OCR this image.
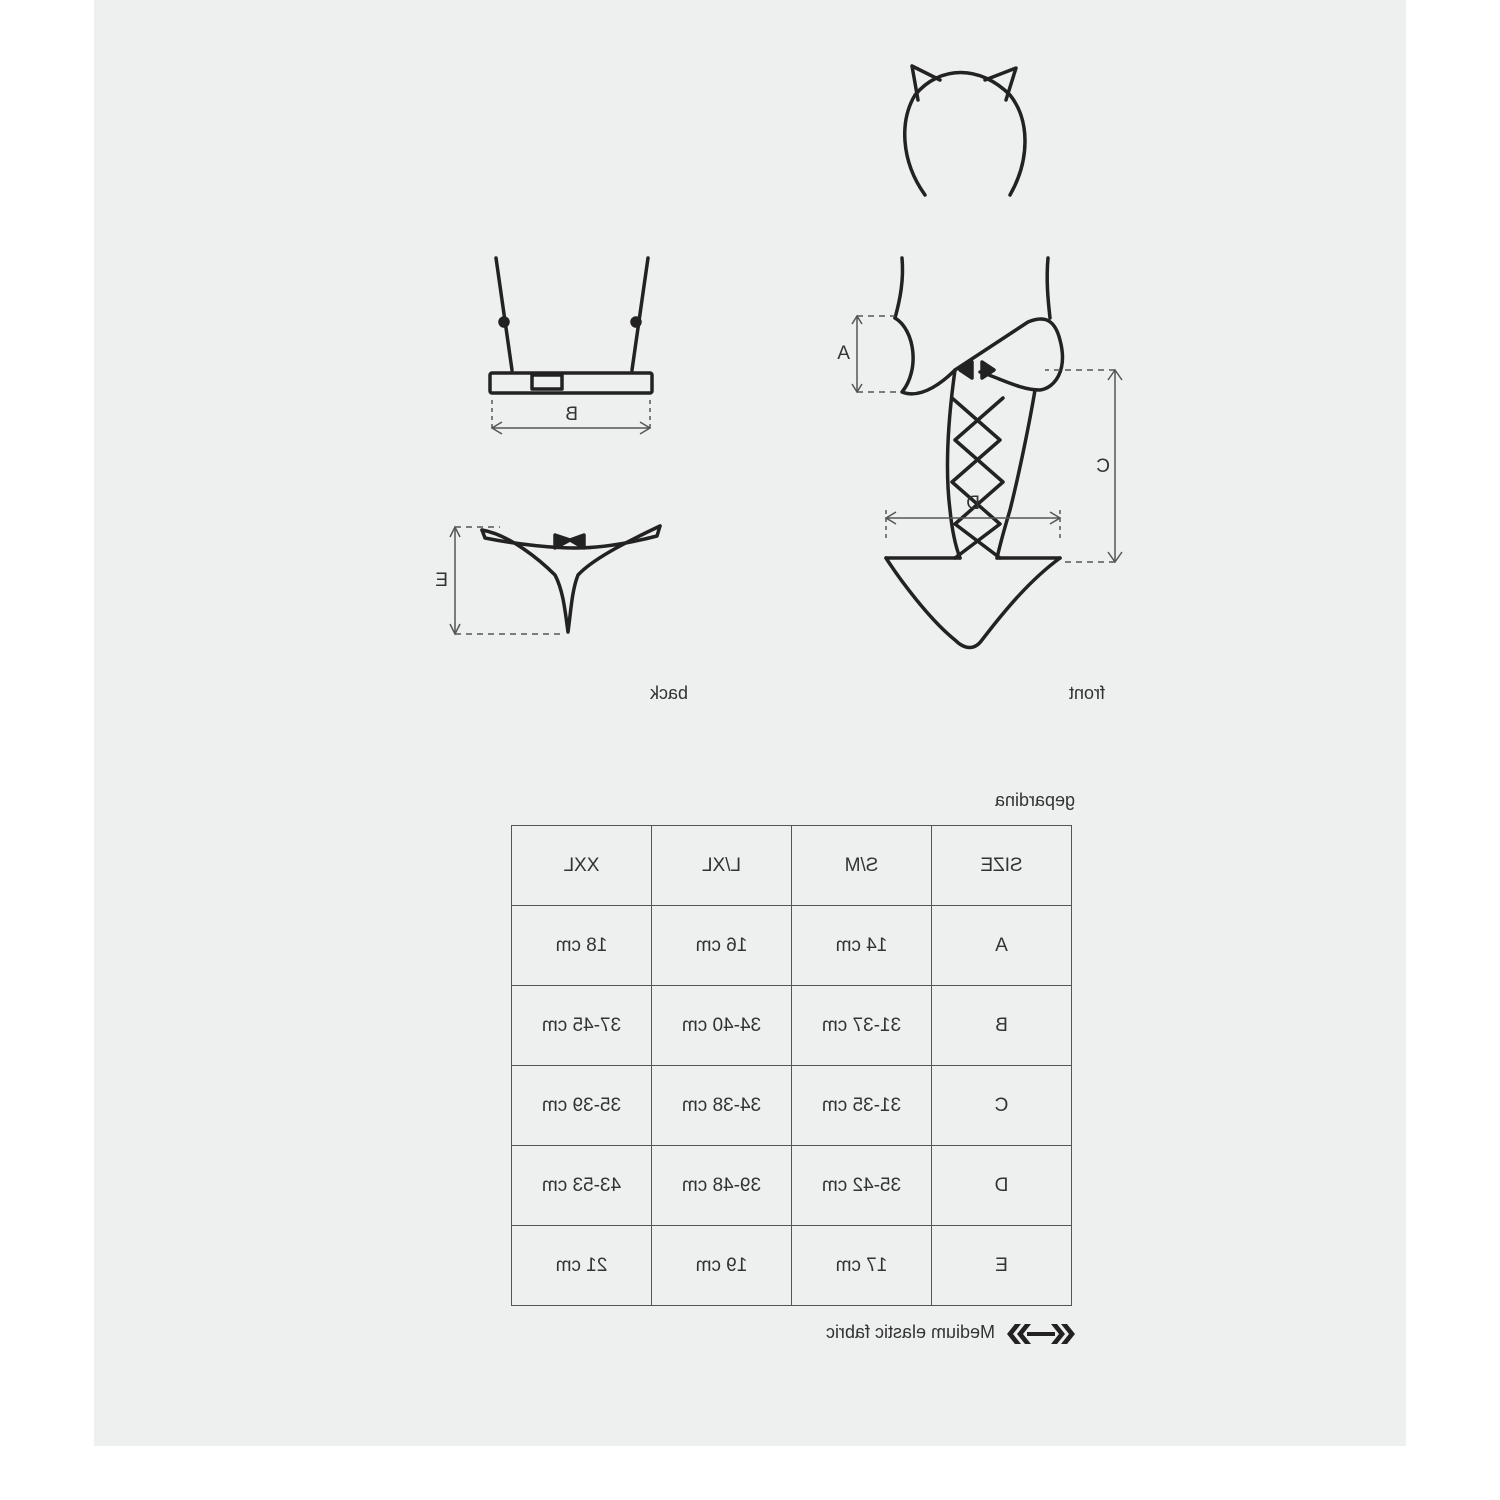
A
C
D
B
E
front
back
gepardina
SIZE	S/M	L/XL	XXL
A	14 cm	16 cm	18 cm
B	31-37 cm	34-40 cm	37-45 cm
C	31-35 cm	34-38 cm	35-39 cm
D	35-42 cm	39-48 cm	43-53 cm
E	17 cm	19 cm	21 cm
Medium elastic fabric
